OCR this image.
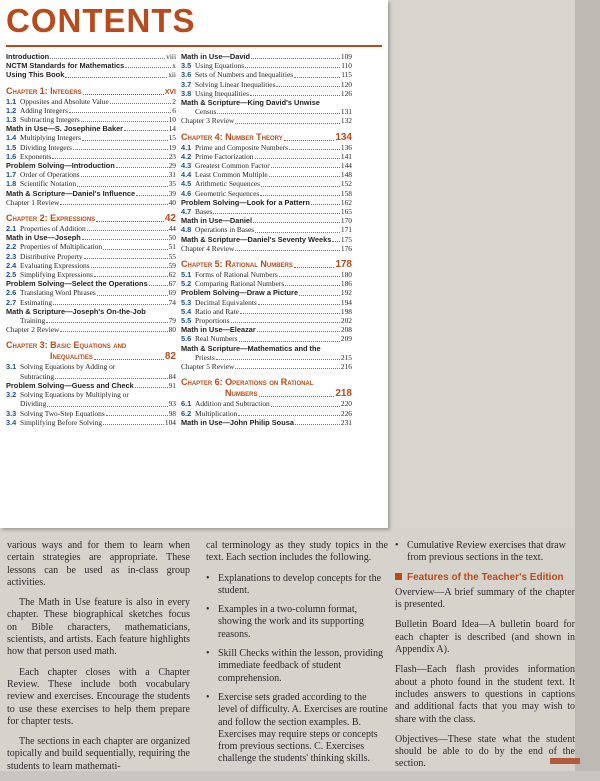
CONTENTS
Introduction	viii
NCTM Standards for Mathematics	x
Using This Book	xii
Chapter 1: Integers	xvi
1.1 Opposites and Absolute Value	2
1.2 Adding Integers	6
1.3 Subtracting Integers	10
Math in Use—S. Josephine Baker	14
1.4 Multiplying Integers	15
1.5 Dividing Integers	19
1.6 Exponents	23
Problem Solving—Introduction	29
1.7 Order of Operations	31
1.8 Scientific Notation	35
Math & Scripture—Daniel's Influence	39
Chapter 1 Review	40
Chapter 2: Expressions	42
2.1 Properties of Addition	44
Math in Use—Joseph	50
2.2 Properties of Multiplication	51
2.3 Distributive Property	55
2.4 Evaluating Expressions	59
2.5 Simplifying Expressions	62
Problem Solving—Select the Operations	67
2.6 Translating Word Phrases	69
2.7 Estimating	74
Math & Scripture—Joseph's On-the-Job
Training	79
Chapter 2 Review	80
Chapter 3: Basic Equations and
Inequalities	82
3.1 Solving Equations by Adding or
Subtracting	84
Problem Solving—Guess and Check	91
3.2 Solving Equations by Multiplying or
Dividing	93
3.3 Solving Two-Step Equations	98
3.4 Simplifying Before Solving	104
Math in Use—David	109
3.5 Using Equations	110
3.6 Sets of Numbers and Inequalities	115
3.7 Solving Linear Inequalities	120
3.8 Using Inequalities	126
Math & Scripture—King David's Unwise
Census	131
Chapter 3 Review	132
Chapter 4: Number Theory	134
4.1 Prime and Composite Numbers	136
4.2 Prime Factorization	141
4.3 Greatest Common Factor	144
4.4 Least Common Multiple	148
4.5 Arithmetic Sequences	152
4.6 Geometric Sequences	158
Problem Solving—Look for a Pattern	162
4.7 Bases	165
Math in Use—Daniel	170
4.8 Operations in Bases	171
Math & Scripture—Daniel's Seventy Weeks 175
Chapter 4 Review	176
Chapter 5: Rational Numbers	178
5.1 Forms of Rational Numbers	180
5.2 Comparing Rational Numbers	186
Problem Solving—Draw a Picture	192
5.3 Decimal Equivalents	194
5.4 Ratio and Rate	198
5.5 Proportions	202
Math in Use—Eleazar	208
5.6 Real Numbers	209
Math & Scripture—Mathematics and the
Priests	215
Chapter 5 Review	216
Chapter 6: Operations on Rational
Numbers	218
6.1 Addition and Subtraction	220
6.2 Multiplication	226
Math in Use—John Philip Sousa	231

various ways and for them to learn when certain strategies are appropriate. These lessons can be used as in-class group activities.

The Math in Use feature is also in every chapter. These biographical sketches focus on Bible characters, mathematicians, scientists, and artists. Each feature highlights how that person used math.

Each chapter closes with a Chapter Review. These include both vocabulary review and exercises. Encourage the students to use these exercises to help them prepare for chapter tests.

The sections in each chapter are organized topically and build sequentially, requiring the students to learn mathemati-

cal terminology as they study topics in the text. Each section includes the following.

• Explanations to develop concepts for the student.
• Examples in a two-column format, showing the work and its supporting reasons.
• Skill Checks within the lesson, providing immediate feedback of student comprehension.
• Exercise sets graded according to the level of difficulty. A. Exercises are routine and follow the section examples. B. Exercises may require steps or concepts from previous sections. C. Exercises challenge the students' thinking skills.
• Cumulative Review exercises that draw from previous sections in the text.
Features of the Teacher's Edition

Overview—A brief summary of the chapter is presented.

Bulletin Board Idea—A bulletin board for each chapter is described (and shown in Appendix A).

Flash—Each flash provides information about a photo found in the student text. It includes answers to questions in captions and additional facts that you may wish to share with the class.

Objectives—These state what the student should be able to do by the end of the section.
